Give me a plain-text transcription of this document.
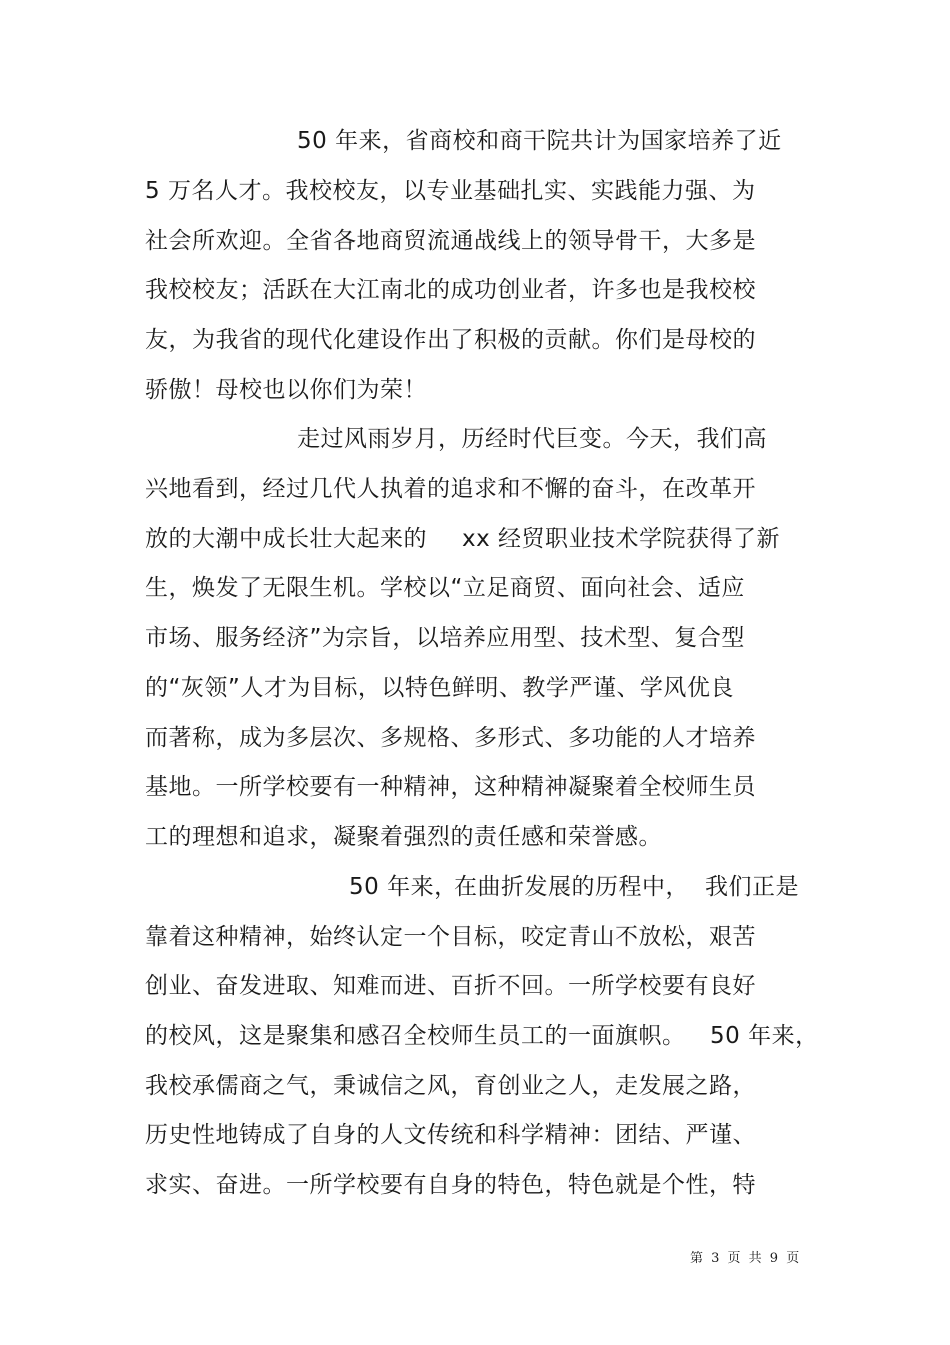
50 年来，省商校和商干院共计为国家培养了近
5 万名人才。我校校友，以专业基础扎实、实践能力强、为
社会所欢迎。全省各地商贸流通战线上的领导骨干，大多是
我校校友；活跃在大江南北的成功创业者，许多也是我校校
友，为我省的现代化建设作出了积极的贡献。你们是母校的
骄傲！母校也以你们为荣！
走过风雨岁月，历经时代巨变。今天，我们高
兴地看到，经过几代人执着的追求和不懈的奋斗，在改革开
放的大潮中成长壮大起来的 xx 经贸职业技术学院获得了新
生，焕发了无限生机。学校以“立足商贸、面向社会、适应
市场、服务经济”为宗旨，以培养应用型、技术型、复合型
的“灰领”人才为目标，以特色鲜明、教学严谨、学风优良
而著称，成为多层次、多规格、多形式、多功能的人才培养
基地。一所学校要有一种精神，这种精神凝聚着全校师生员
工的理想和追求，凝聚着强烈的责任感和荣誉感。
50 年来，
在曲折发展的历程中， 我们正是
靠着这种精神，始终认定一个目标，咬定青山不放松，艰苦
创业、奋发进取、知难而进、百折不回。一所学校要有良好
的校风，这是聚集和感召全校师生员工的一面旗帜。 50 年来，
我校承儒商之气，秉诚信之风，育创业之人，走发展之路，
历史性地铸成了自身的人文传统和科学精神：团结、严谨、
求实、奋进。一所学校要有自身的特色，特色就是个性，特
第 3 页 共 9 页
